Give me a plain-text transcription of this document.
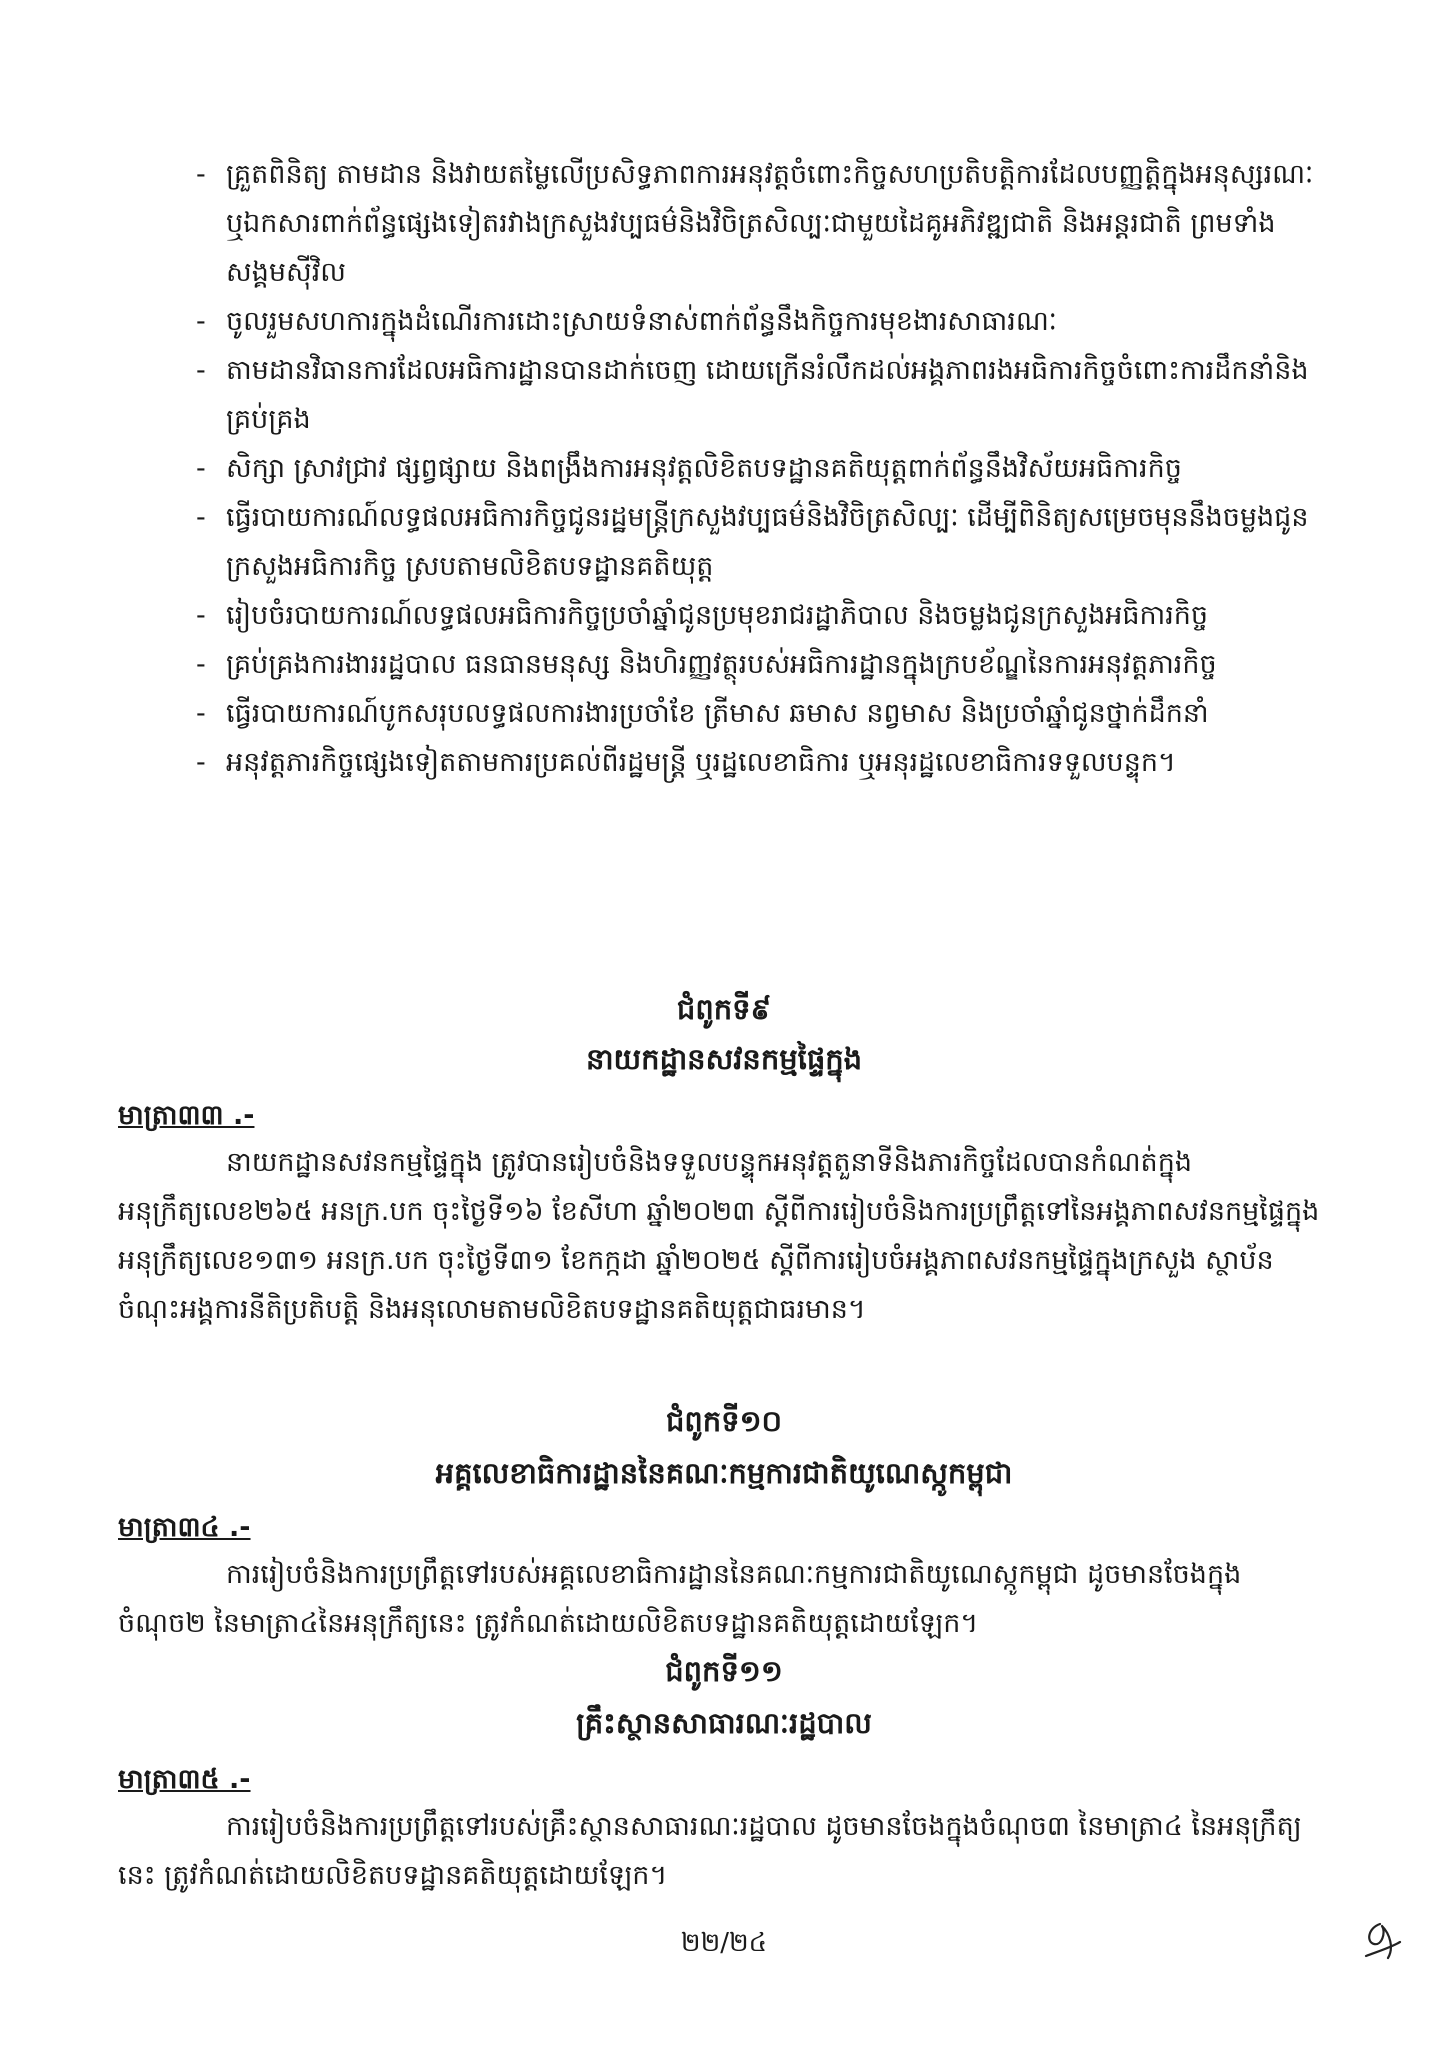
- គ្រួតពិនិត្យ តាមដាន និងវាយតម្លៃលើប្រសិទ្ធភាពការអនុវត្តចំពោះកិច្ចសហប្រតិបត្តិការដែលបញ្ញត្តិក្នុងអនុស្សរណៈ ឬឯកសារពាក់ព័ន្ធផ្សេងទៀតរវាងក្រសួងវប្បធម៌និងវិចិត្រសិល្បៈជាមួយដៃគូអភិវឌ្ឍជាតិ និងអន្តរជាតិ ព្រមទាំងសង្គមស៊ីវិល
- ចូលរួមសហការក្នុងដំណើរការដោះស្រាយទំនាស់ពាក់ព័ន្ធនឹងកិច្ចការមុខងារសាធារណៈ
- តាមដានវិធានការដែលអធិការដ្ឋានបានដាក់ចេញ ដោយក្រើនរំលឹកដល់អង្គភាពរងអធិការកិច្ចចំពោះការដឹកនាំនិងគ្រប់គ្រង
- សិក្សា ស្រាវជ្រាវ ផ្សព្វផ្សាយ និងពង្រឹងការអនុវត្តលិខិតបទដ្ឋានគតិយុត្តពាក់ព័ន្ធនឹងវិស័យអធិការកិច្ច
- ធ្វើរបាយការណ៍លទ្ធផលអធិការកិច្ចជូនរដ្ឋមន្ត្រីក្រសួងវប្បធម៌និងវិចិត្រសិល្បៈ ដើម្បីពិនិត្យសម្រេចមុននឹងចម្លងជូនក្រសួងអធិការកិច្ច ស្របតាមលិខិតបទដ្ឋានគតិយុត្ត
- រៀបចំរបាយការណ៍លទ្ធផលអធិការកិច្ចប្រចាំឆ្នាំជូនប្រមុខរាជរដ្ឋាភិបាល និងចម្លងជូនក្រសួងអធិការកិច្ច
- គ្រប់គ្រងការងាររដ្ឋបាល ធនធានមនុស្ស និងហិរញ្ញវត្ថុរបស់អធិការដ្ឋានក្នុងក្របខ័ណ្ឌនៃការអនុវត្តភារកិច្ច
- ធ្វើរបាយការណ៍បូកសរុបលទ្ធផលការងារប្រចាំខែ ត្រីមាស ឆមាស នព្វមាស និងប្រចាំឆ្នាំជូនថ្នាក់ដឹកនាំ
- អនុវត្តភារកិច្ចផ្សេងទៀតតាមការប្រគល់ពីរដ្ឋមន្ត្រី ឬរដ្ឋលេខាធិការ ឬអនុរដ្ឋលេខាធិការទទួលបន្ទុក។
ជំពូកទី៩
នាយកដ្ឋានសវនកម្មផ្ទៃក្នុង
មាត្រា៣៣ .-

នាយកដ្ឋានសវនកម្មផ្ទៃក្នុង ត្រូវបានរៀបចំនិងទទួលបន្ទុកអនុវត្តតួនាទីនិងភារកិច្ចដែលបានកំណត់ក្នុងអនុក្រឹត្យលេខ២៦៥ អនក្រ.បក ចុះថ្ងៃទី១៦ ខែសីហា ឆ្នាំ២០២៣ ស្តីពីការរៀបចំនិងការប្រព្រឹត្តទៅនៃអង្គភាពសវនកម្មផ្ទៃក្នុង អនុក្រឹត្យលេខ១៣១ អនក្រ.បក ចុះថ្ងៃទី៣១ ខែកក្កដា ឆ្នាំ២០២៥ ស្តីពីការរៀបចំអង្គភាពសវនកម្មផ្ទៃក្នុងក្រសួង ស្ថាប័ន ចំណុះអង្គការនីតិប្រតិបត្តិ និងអនុលោមតាមលិខិតបទដ្ឋានគតិយុត្តជាធរមាន។

ជំពូកទី១០
អគ្គលេខាធិការដ្ឋាននៃគណៈកម្មការជាតិយូណេស្កូកម្ពុជា
មាត្រា៣៤ .-

ការរៀបចំនិងការប្រព្រឹត្តទៅរបស់អគ្គលេខាធិការដ្ឋាននៃគណៈកម្មការជាតិយូណេស្កូកម្ពុជា ដូចមានចែងក្នុងចំណុច២ នៃមាត្រា៤នៃអនុក្រឹត្យនេះ ត្រូវកំណត់ដោយលិខិតបទដ្ឋានគតិយុត្តដោយឡែក។

ជំពូកទី១១
គ្រឹះស្ថានសាធារណៈរដ្ឋបាល
មាត្រា៣៥ .-

ការរៀបចំនិងការប្រព្រឹត្តទៅរបស់គ្រឹះស្ថានសាធារណៈរដ្ឋបាល ដូចមានចែងក្នុងចំណុច៣ នៃមាត្រា៤ នៃអនុក្រឹត្យនេះ ត្រូវកំណត់ដោយលិខិតបទដ្ឋានគតិយុត្តដោយឡែក។

២២/២៤
